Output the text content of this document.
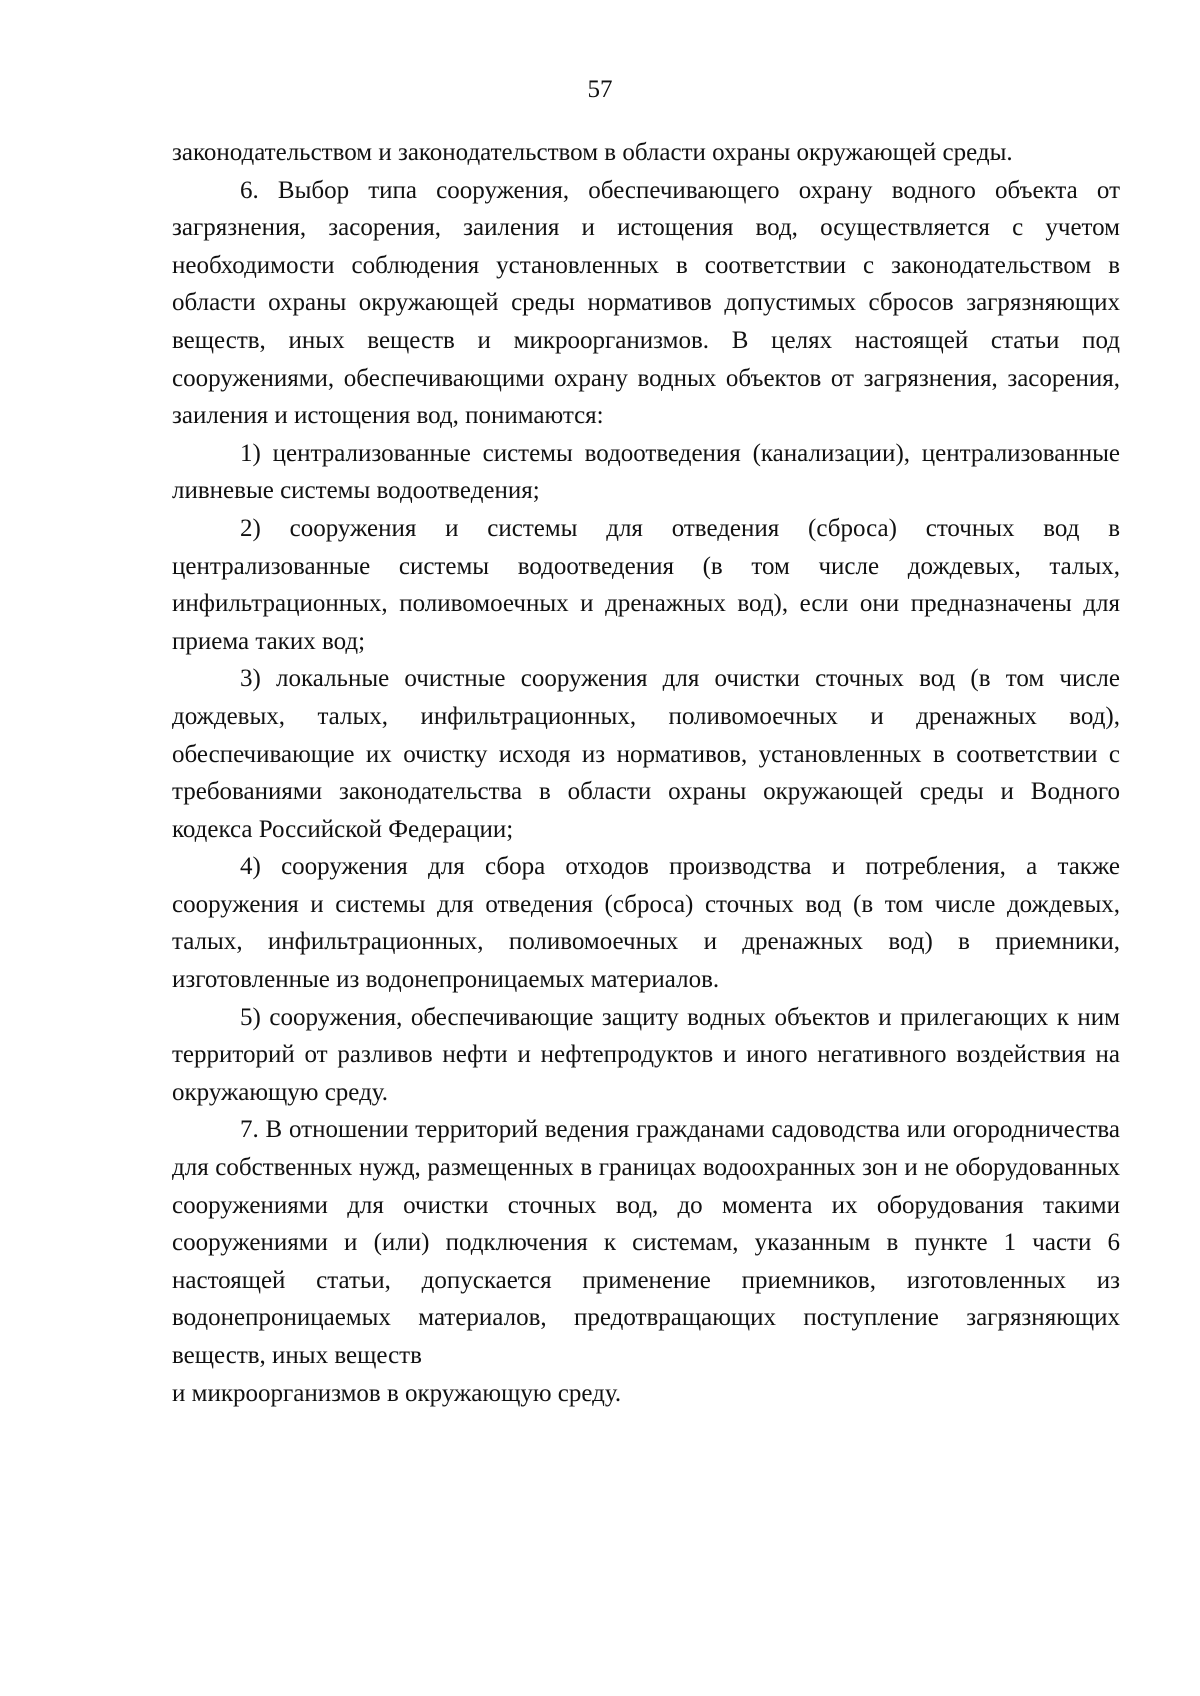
57

законодательством и законодательством в области охраны окружающей среды.

6. Выбор типа сооружения, обеспечивающего охрану водного объекта от загрязнения, засорения, заиления и истощения вод, осуществляется с учетом необходимости соблюдения установленных в соответствии с законодательством в области охраны окружающей среды нормативов допустимых сбросов загрязняющих веществ, иных веществ и микроорганизмов. В целях настоящей статьи под сооружениями, обеспечивающими охрану водных объектов от загрязнения, засорения, заиления и истощения вод, понимаются:

1) централизованные системы водоотведения (канализации), централизованные ливневые системы водоотведения;

2) сооружения и системы для отведения (сброса) сточных вод в централизованные системы водоотведения (в том числе дождевых, талых, инфильтрационных, поливомоечных и дренажных вод), если они предназначены для приема таких вод;

3) локальные очистные сооружения для очистки сточных вод (в том числе дождевых, талых, инфильтрационных, поливомоечных и дренажных вод), обеспечивающие их очистку исходя из нормативов, установленных в соответствии с требованиями законодательства в области охраны окружающей среды и Водного кодекса Российской Федерации;

4) сооружения для сбора отходов производства и потребления, а также сооружения и системы для отведения (сброса) сточных вод (в том числе дождевых, талых, инфильтрационных, поливомоечных и дренажных вод) в приемники, изготовленные из водонепроницаемых материалов.

5) сооружения, обеспечивающие защиту водных объектов и прилегающих к ним территорий от разливов нефти и нефтепродуктов и иного негативного воздействия на окружающую среду.

7. В отношении территорий ведения гражданами садоводства или огородничества для собственных нужд, размещенных в границах водоохранных зон и не оборудованных сооружениями для очистки сточных вод, до момента их оборудования такими сооружениями и (или) подключения к системам, указанным в пункте 1 части 6 настоящей статьи, допускается применение приемников, изготовленных из водонепроницаемых материалов, предотвращающих поступление загрязняющих веществ, иных веществ

и микроорганизмов в окружающую среду.
